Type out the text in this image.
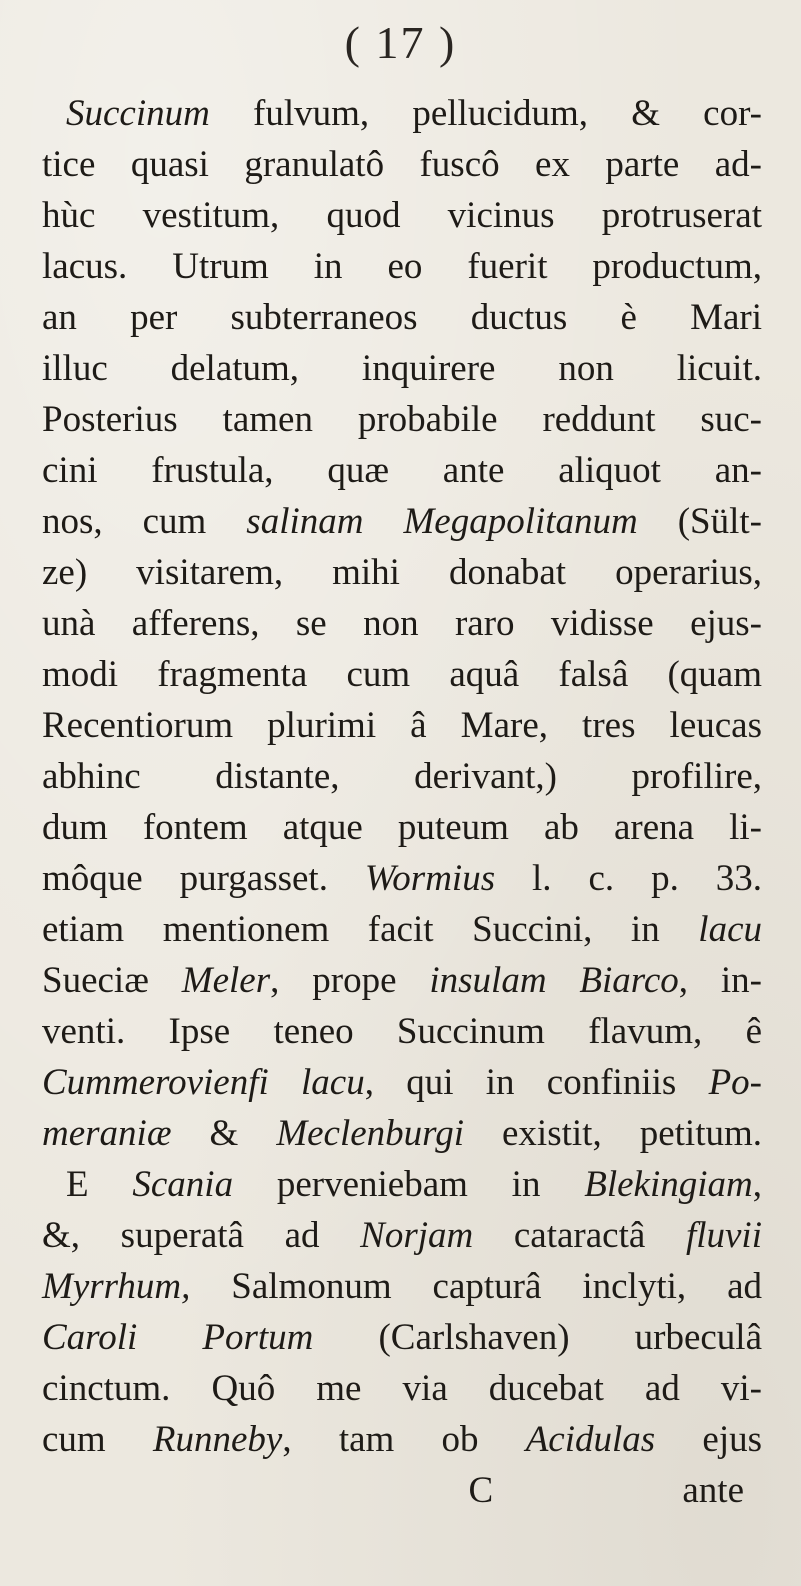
( 17 )
Succinum fulvum, pellucidum, & cor-
tice quasi granulatô fuscô ex parte ad-
hùc vestitum, quod vicinus protruserat
lacus. Utrum in eo fuerit productum,
an per subterraneos ductus è Mari
illuc delatum, inquirere non licuit.
Posterius tamen probabile reddunt suc-
cini frustula, quæ ante aliquot an-
nos, cum salinam Megapolitanum (Sült-
ze) visitarem, mihi donabat operarius,
unà afferens, se non raro vidisse ejus-
modi fragmenta cum aquâ falsâ (quam
Recentiorum plurimi â Mare, tres leucas
abhinc distante, derivant,) profilire,
dum fontem atque puteum ab arena li-
môque purgasset. Wormius l. c. p. 33.
etiam mentionem facit Succini, in lacu
Sueciæ Meler, prope insulam Biarco, in-
venti. Ipse teneo Succinum flavum, ê
Cummerovienfi lacu, qui in confiniis Po-
meraniæ & Meclenburgi existit, petitum.
E Scania perveniebam in Blekingiam,
&, superatâ ad Norjam cataractâ fluvii
Myrrhum, Salmonum capturâ inclyti, ad
Caroli Portum (Carlshaven) urbeculâ
cinctum. Quô me via ducebat ad vi-
cum Runneby, tam ob Acidulas ejus
C ante
